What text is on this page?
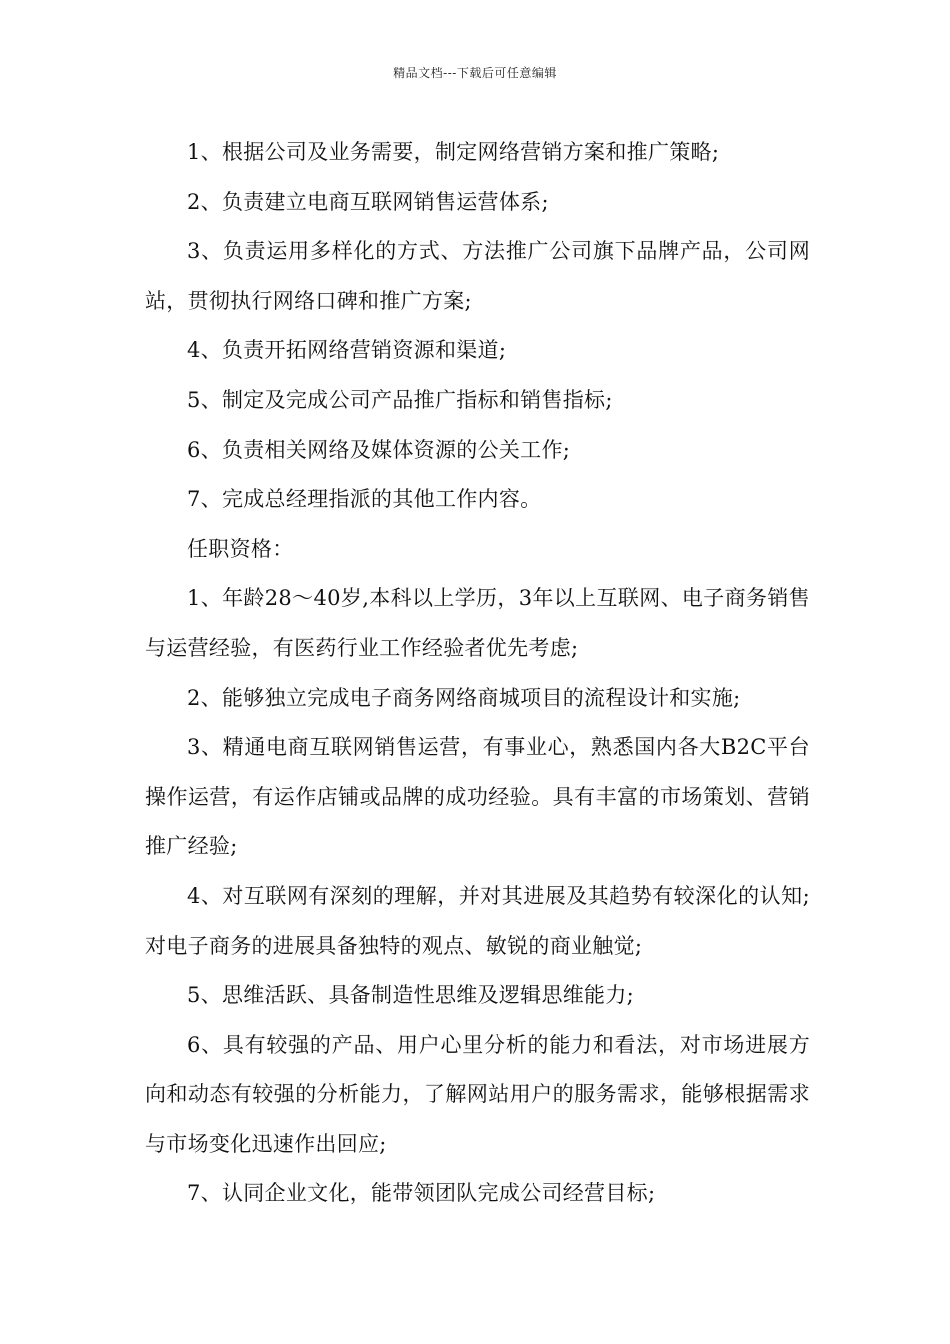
精品文档---下载后可任意编辑

1、根据公司及业务需要，制定网络营销方案和推广策略;

2、负责建立电商互联网销售运营体系;

3、负责运用多样化的方式、方法推广公司旗下品牌产品，公司网站，贯彻执行网络口碑和推广方案;

4、负责开拓网络营销资源和渠道;

5、制定及完成公司产品推广指标和销售指标;

6、负责相关网络及媒体资源的公关工作;

7、完成总经理指派的其他工作内容。

任职资格：

1、年龄28～40岁,本科以上学历，3年以上互联网、电子商务销售与运营经验，有医药行业工作经验者优先考虑;

2、能够独立完成电子商务网络商城项目的流程设计和实施;

3、精通电商互联网销售运营，有事业心，熟悉国内各大B2C平台操作运营，有运作店铺或品牌的成功经验。具有丰富的市场策划、营销推广经验;

4、对互联网有深刻的理解，并对其进展及其趋势有较深化的认知;对电子商务的进展具备独特的观点、敏锐的商业触觉;

5、思维活跃、具备制造性思维及逻辑思维能力;

6、具有较强的产品、用户心里分析的能力和看法，对市场进展方向和动态有较强的分析能力，了解网站用户的服务需求，能够根据需求与市场变化迅速作出回应;

7、认同企业文化，能带领团队完成公司经营目标;
